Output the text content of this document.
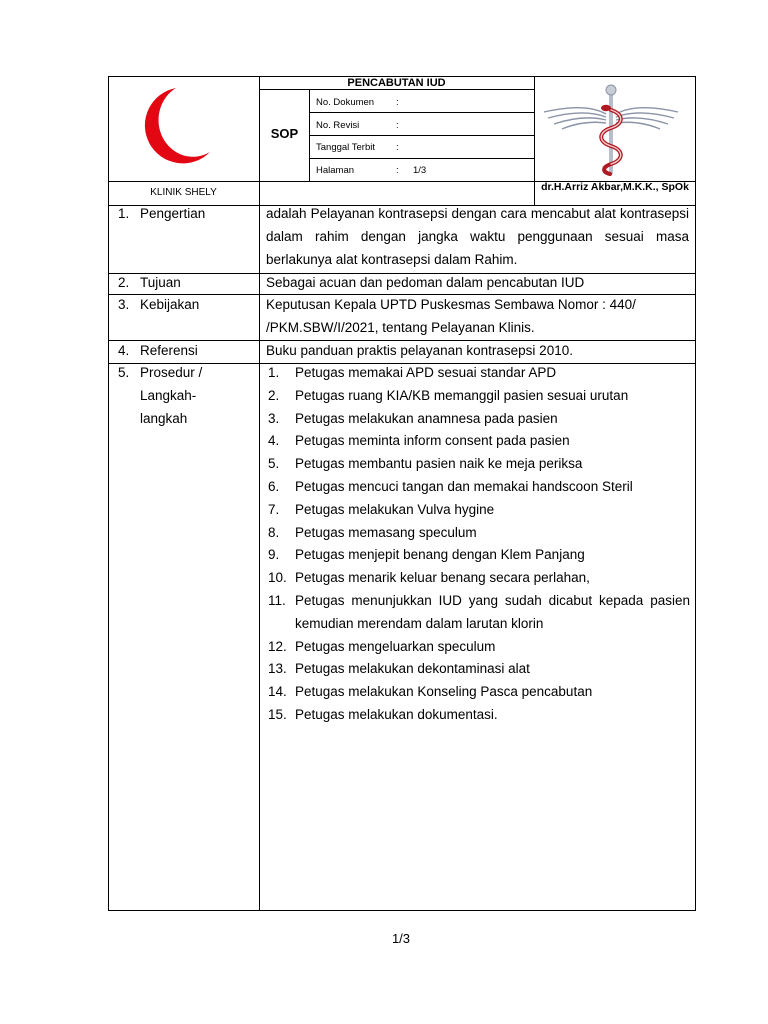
PENCABUTAN IUD
SOP
No. Dokumen :
No. Revisi	:
Tanggal Terbit :
Halaman	: 1/3
KLINIK SHELY	dr.H.Arriz Akbar,M.K.K., SpOk
1. Pengertian	adalah Pelayanan kontrasepsi dengan cara mencabut alat kontrasepsi dalam rahim dengan jangka waktu penggunaan sesuai masa berlakunya alat kontrasepsi dalam Rahim.
2. Tujuan	Sebagai acuan dan pedoman dalam pencabutan IUD
3. Kebijakan	Keputusan Kepala UPTD Puskesmas Sembawa Nomor : 440/ /PKM.SBW/I/2021, tentang Pelayanan Klinis.
4. Referensi	Buku panduan praktis pelayanan kontrasepsi 2010.
5. Prosedur /
Langkah-
langkah
1. Petugas memakai APD sesuai standar APD
2. Petugas ruang KIA/KB memanggil pasien sesuai urutan
3. Petugas melakukan anamnesa pada pasien
4. Petugas meminta inform consent pada pasien
5. Petugas membantu pasien naik ke meja periksa
6. Petugas mencuci tangan dan memakai handscoon Steril
7. Petugas melakukan Vulva hygine
8. Petugas memasang speculum
9. Petugas menjepit benang dengan Klem Panjang
10. Petugas menarik keluar benang secara perlahan,
11. Petugas menunjukkan IUD yang sudah dicabut kepada pasien kemudian merendam dalam larutan klorin
12. Petugas mengeluarkan speculum
13. Petugas melakukan dekontaminasi alat
14. Petugas melakukan Konseling Pasca pencabutan
15. Petugas melakukan dokumentasi.
1/3
